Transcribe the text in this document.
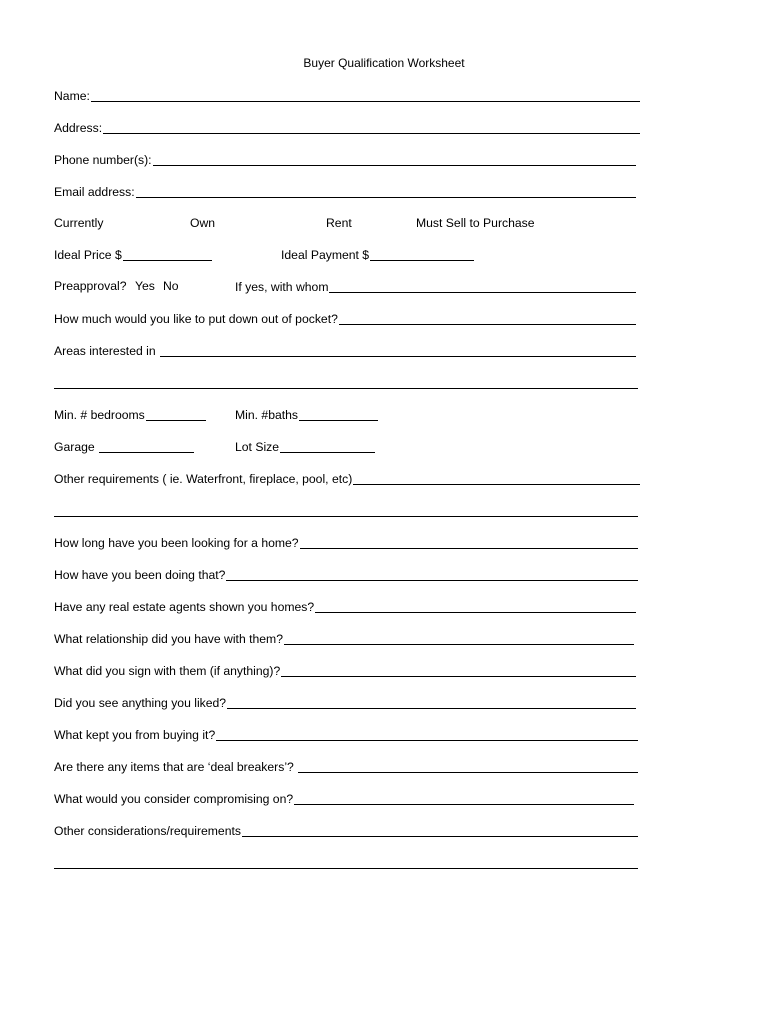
Buyer Qualification Worksheet
Name:
Address:
Phone number(s):
Email address:
Currently	Own	Rent	Must Sell to Purchase
Ideal Price $	Ideal Payment $
Preapproval? Yes No	If yes, with whom
How much would you like to put down out of pocket?
Areas interested in
Min. # bedrooms	Min. #baths
Garage	Lot Size
Other requirements ( ie. Waterfront, fireplace, pool, etc)
How long have you been looking for a home?
How have you been doing that?
Have any real estate agents shown you homes?
What relationship did you have with them?
What did you sign with them (if anything)?
Did you see anything you liked?
What kept you from buying it?
Are there any items that are ‘deal breakers’?
What would you consider compromising on?
Other considerations/requirements
